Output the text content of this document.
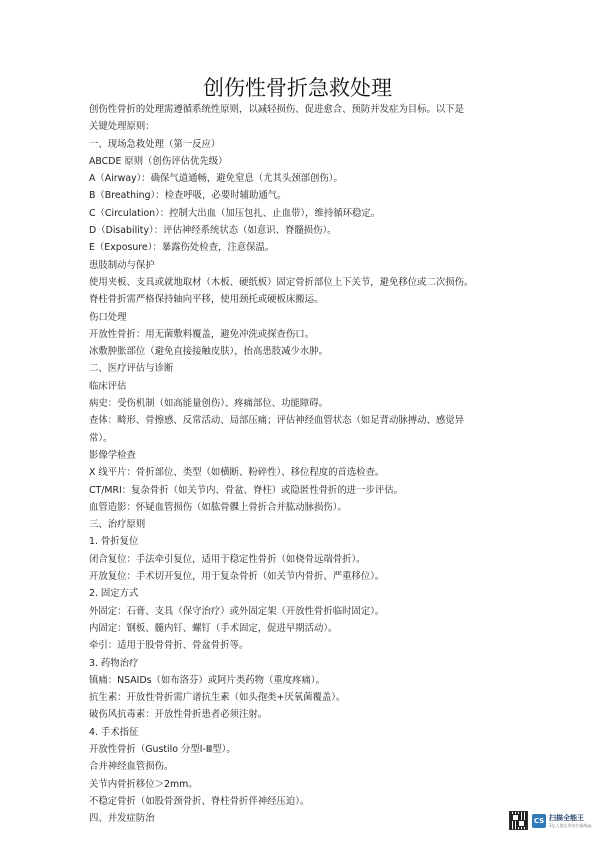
创伤性骨折急救处理
创伤性骨折的处理需遵循系统性原则，以减轻损伤、促进愈合、预防并发症为目标。以下是
关键处理原则：
一、现场急救处理（第一反应）
ABCDE 原则（创伤评估优先级）
A（Airway）：确保气道通畅，避免窒息（尤其头颈部创伤）。
B（Breathing）：检查呼吸，必要时辅助通气。
C（Circulation）：控制大出血（加压包扎、止血带），维持循环稳定。
D（Disability）：评估神经系统状态（如意识、脊髓损伤）。
E（Exposure）：暴露伤处检查，注意保温。
患肢制动与保护
使用夹板、支具或就地取材（木板、硬纸板）固定骨折部位上下关节，避免移位或二次损伤。
脊柱骨折需严格保持轴向平移，使用颈托或硬板床搬运。
伤口处理
开放性骨折：用无菌敷料覆盖，避免冲洗或探查伤口。
冰敷肿胀部位（避免直接接触皮肤），抬高患肢减少水肿。
二、医疗评估与诊断
临床评估
病史：受伤机制（如高能量创伤）、疼痛部位、功能障碍。
查体：畸形、骨擦感、反常活动、局部压痛；评估神经血管状态（如足背动脉搏动、感觉异
常）。
影像学检查
X 线平片：骨折部位、类型（如横断、粉碎性）、移位程度的首选检查。
CT/MRI：复杂骨折（如关节内、骨盆、脊柱）或隐匿性骨折的进一步评估。
血管造影：怀疑血管损伤（如肱骨髁上骨折合并肱动脉损伤）。
三、治疗原则
1. 骨折复位
闭合复位：手法牵引复位，适用于稳定性骨折（如桡骨远端骨折）。
开放复位：手术切开复位，用于复杂骨折（如关节内骨折、严重移位）。
2. 固定方式
外固定：石膏、支具（保守治疗）或外固定架（开放性骨折临时固定）。
内固定：钢板、髓内钉、螺钉（手术固定，促进早期活动）。
牵引：适用于股骨骨折、骨盆骨折等。
3. 药物治疗
镇痛：NSAIDs（如布洛芬）或阿片类药物（重度疼痛）。
抗生素：开放性骨折需广谱抗生素（如头孢类+厌氧菌覆盖）。
破伤风抗毒素：开放性骨折患者必须注射。
4. 手术指征
开放性骨折（Gustilo 分型Ⅰ-Ⅲ型）。
合并神经血管损伤。
关节内骨折移位＞2mm。
不稳定骨折（如股骨颈骨折、脊柱骨折伴神经压迫）。
四、并发症防治	CS 扫描全能王
3亿人都在用的扫描App
